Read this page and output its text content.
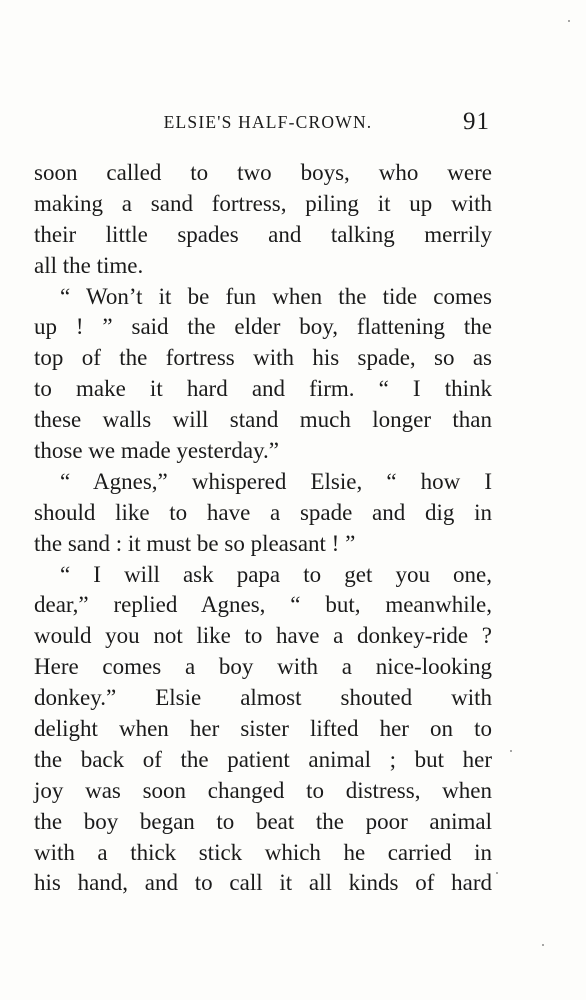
ELSIE'S HALF-CROWN.	91
soon called to two boys, who were
making a sand fortress, piling it up with
their little spades and talking merrily
all the time.
“ Won’t it be fun when the tide comes
up ! ” said the elder boy, flattening the
top of the fortress with his spade, so as
to make it hard and firm. “ I think
these walls will stand much longer than
those we made yesterday.”
“ Agnes,” whispered Elsie, “ how I
should like to have a spade and dig in
the sand : it must be so pleasant ! ”
“ I will ask papa to get you one,
dear,” replied Agnes, “ but, meanwhile,
would you not like to have a donkey-ride ?
Here comes a boy with a nice-looking
donkey.” Elsie almost shouted with
delight when her sister lifted her on to
the back of the patient animal ; but her
joy was soon changed to distress, when
the boy began to beat the poor animal
with a thick stick which he carried in
his hand, and to call it all kinds of hard
